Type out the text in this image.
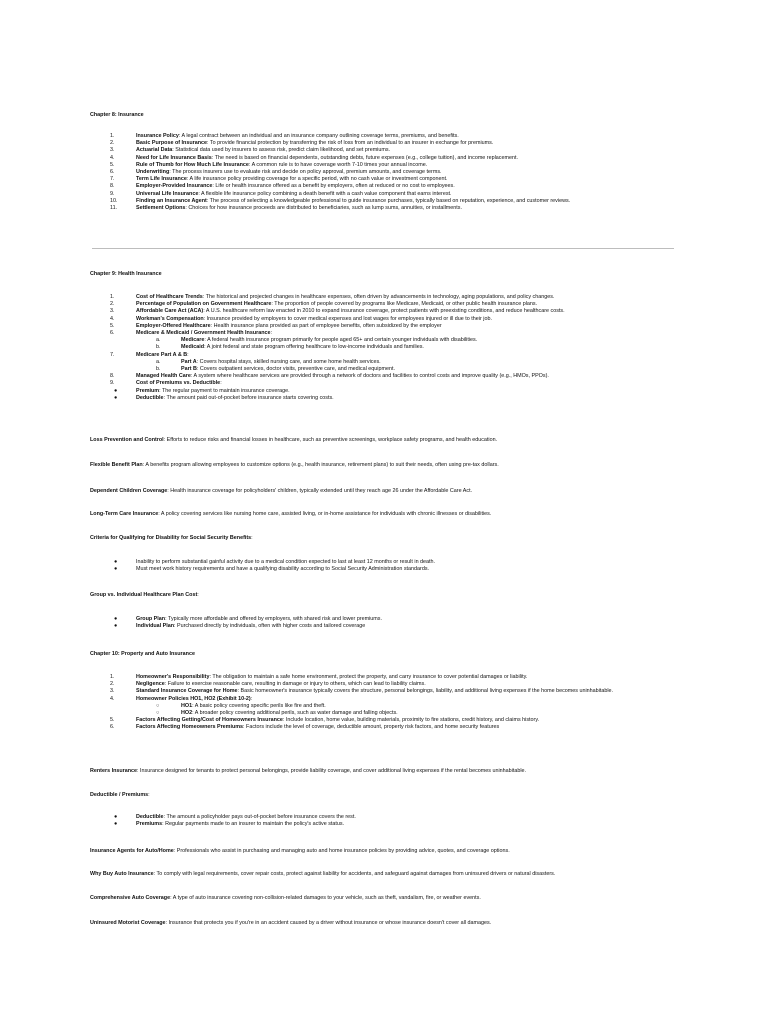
Chapter 8: Insurance
1.	Insurance Policy: A legal contract between an individual and an insurance company outlining coverage terms, premiums, and benefits.
2.	Basic Purpose of Insurance: To provide financial protection by transferring the risk of loss from an individual to an insurer in exchange for premiums.
3.	Actuarial Data: Statistical data used by insurers to assess risk, predict claim likelihood, and set premiums.
4.	Need for Life Insurance Basis: The need is based on financial dependents, outstanding debts, future expenses (e.g., college tuition), and income replacement.
5.	Rule of Thumb for How Much Life Insurance: A common rule is to have coverage worth 7-10 times your annual income.
6.	Underwriting: The process insurers use to evaluate risk and decide on policy approval, premium amounts, and coverage terms.
7.	Term Life Insurance: A life insurance policy providing coverage for a specific period, with no cash value or investment component.
8.	Employer-Provided Insurance: Life or health insurance offered as a benefit by employers, often at reduced or no cost to employees.
9.	Universal Life Insurance: A flexible life insurance policy combining a death benefit with a cash value component that earns interest.
10.	Finding an Insurance Agent: The process of selecting a knowledgeable professional to guide insurance purchases, typically based on reputation, experience, and customer reviews.
11.	Settlement Options: Choices for how insurance proceeds are distributed to beneficiaries, such as lump sums, annuities, or installments.
Chapter 9: Health Insurance
1.	Cost of Healthcare Trends: The historical and projected changes in healthcare expenses, often driven by advancements in technology, aging populations, and policy changes.
2.	Percentage of Population on Government Healthcare: The proportion of people covered by programs like Medicare, Medicaid, or other public health insurance plans.
3.	Affordable Care Act (ACA): A U.S. healthcare reform law enacted in 2010 to expand insurance coverage, protect patients with preexisting conditions, and reduce healthcare costs.
4.	Workman's Compensation: Insurance provided by employers to cover medical expenses and lost wages for employees injured or ill due to their job.
5.	Employer-Offered Healthcare: Health insurance plans provided as part of employee benefits, often subsidized by the employer
6.	Medicare & Medicaid / Government Health Insurance:
a.	Medicare: A federal health insurance program primarily for people aged 65+ and certain younger individuals with disabilities.
b.	Medicaid: A joint federal and state program offering healthcare to low-income individuals and families.
7.	Medicare Part A & B:
a.	Part A: Covers hospital stays, skilled nursing care, and some home health services.
b.	Part B: Covers outpatient services, doctor visits, preventive care, and medical equipment.
8.	Managed Health Care: A system where healthcare services are provided through a network of doctors and facilities to control costs and improve quality (e.g., HMOs, PPOs).
9.	Cost of Premiums vs. Deductible:
●	Premium: The regular payment to maintain insurance coverage.
●	Deductible: The amount paid out-of-pocket before insurance starts covering costs.
Loss Prevention and Control: Efforts to reduce risks and financial losses in healthcare, such as preventive screenings, workplace safety programs, and health education.
Flexible Benefit Plan: A benefits program allowing employees to customize options (e.g., health insurance, retirement plans) to suit their needs, often using pre-tax dollars.
Dependent Children Coverage: Health insurance coverage for policyholders' children, typically extended until they reach age 26 under the Affordable Care Act.
Long-Term Care Insurance: A policy covering services like nursing home care, assisted living, or in-home assistance for individuals with chronic illnesses or disabilities.
Criteria for Qualifying for Disability for Social Security Benefits:
●	Inability to perform substantial gainful activity due to a medical condition expected to last at least 12 months or result in death.
●	Must meet work history requirements and have a qualifying disability according to Social Security Administration standards.
Group vs. Individual Healthcare Plan Cost:
●	Group Plan: Typically more affordable and offered by employers, with shared risk and lower premiums.
●	Individual Plan: Purchased directly by individuals, often with higher costs and tailored coverage
Chapter 10: Property and Auto Insurance
1.	Homeowner's Responsibility: The obligation to maintain a safe home environment, protect the property, and carry insurance to cover potential damages or liability.
2.	Negligence: Failure to exercise reasonable care, resulting in damage or injury to others, which can lead to liability claims.
3.	Standard Insurance Coverage for Home: Basic homeowner's insurance typically covers the structure, personal belongings, liability, and additional living expenses if the home becomes uninhabitable.
4.	Homeowner Policies HO1, HO2 (Exhibit 10-2):
○	HO1: A basic policy covering specific perils like fire and theft.
○	HO2: A broader policy covering additional perils, such as water damage and falling objects.
5.	Factors Affecting Getting/Cost of Homeowners Insurance: Include location, home value, building materials, proximity to fire stations, credit history, and claims history.
6.	Factors Affecting Homeowners Premiums: Factors include the level of coverage, deductible amount, property risk factors, and home security features
Renters Insurance: Insurance designed for tenants to protect personal belongings, provide liability coverage, and cover additional living expenses if the rental becomes uninhabitable.
Deductible / Premiums:
●	Deductible: The amount a policyholder pays out-of-pocket before insurance covers the rest.
●	Premiums: Regular payments made to an insurer to maintain the policy's active status.
Insurance Agents for Auto/Home: Professionals who assist in purchasing and managing auto and home insurance policies by providing advice, quotes, and coverage options.
Why Buy Auto Insurance: To comply with legal requirements, cover repair costs, protect against liability for accidents, and safeguard against damages from uninsured drivers or natural disasters.
Comprehensive Auto Coverage: A type of auto insurance covering non-collision-related damages to your vehicle, such as theft, vandalism, fire, or weather events.
Uninsured Motorist Coverage: Insurance that protects you if you're in an accident caused by a driver without insurance or whose insurance doesn't cover all damages.
